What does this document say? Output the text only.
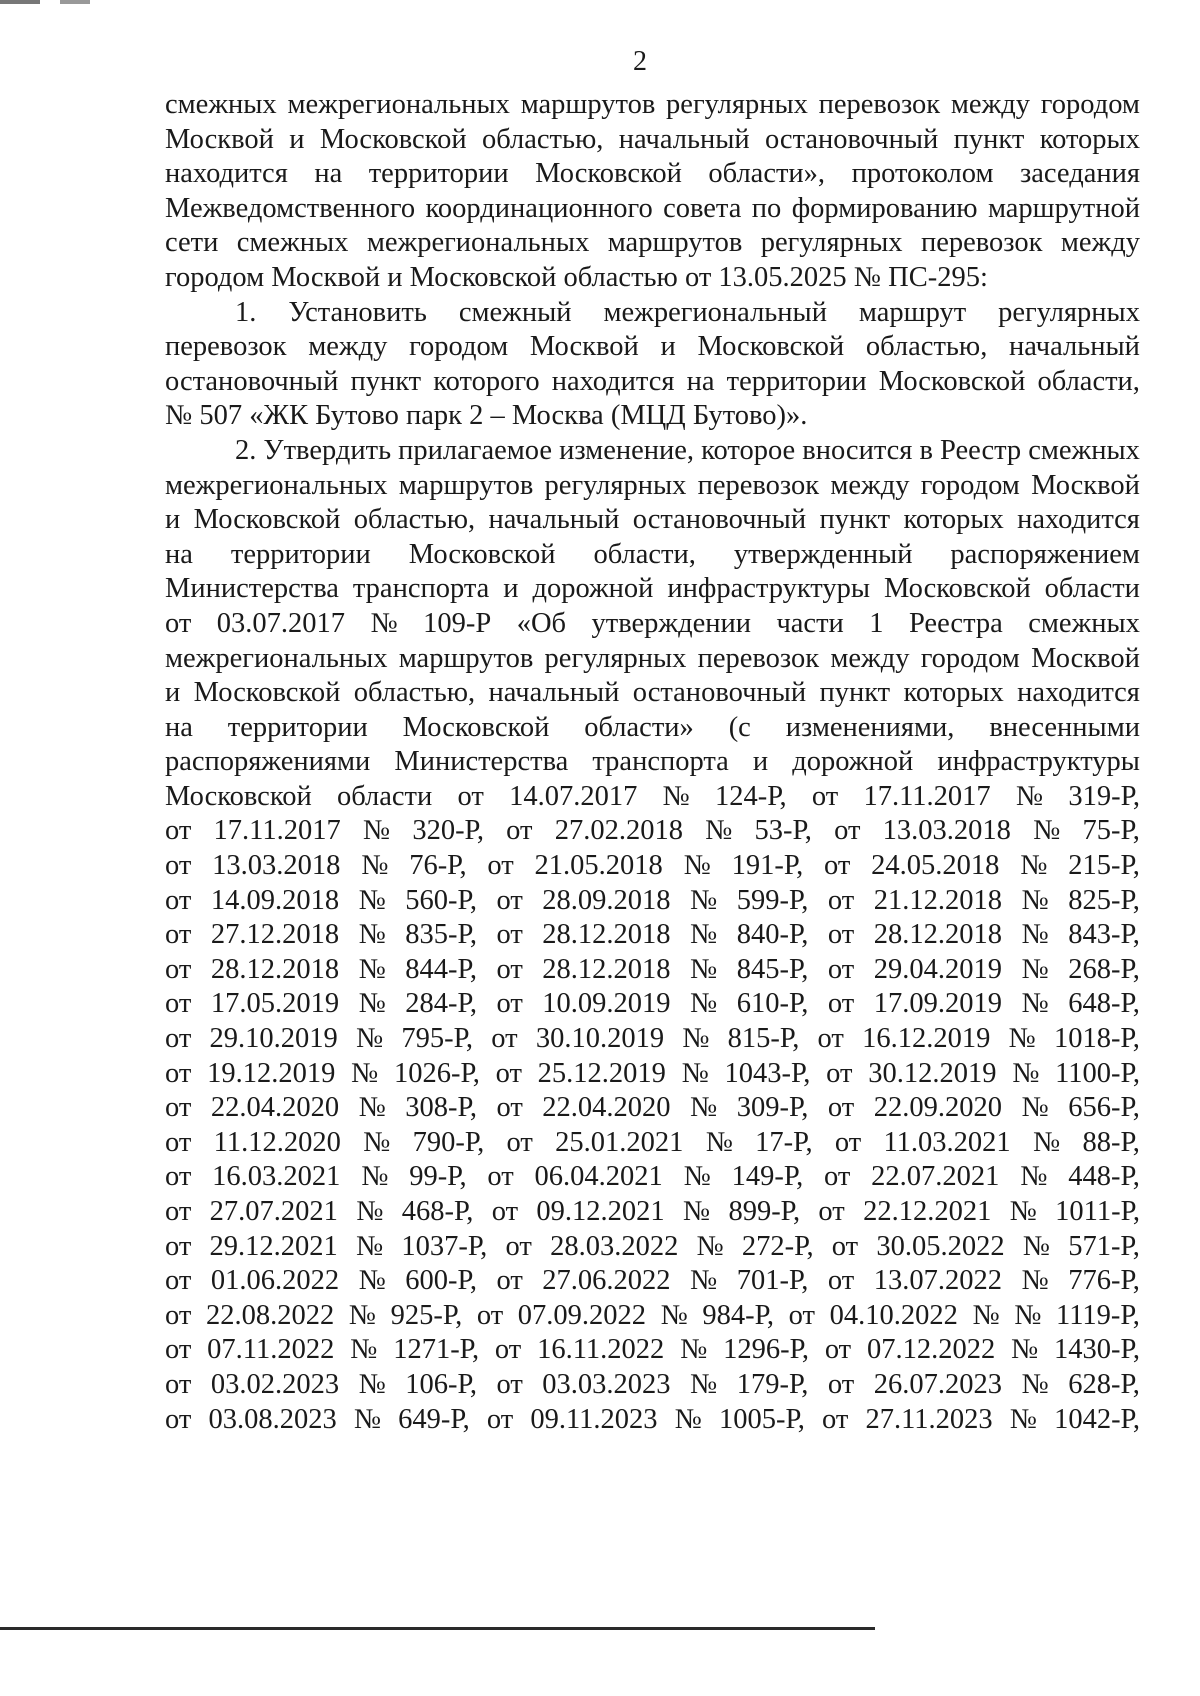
2
смежных межрегиональных маршрутов регулярных перевозок между городом
Москвой и Московской областью, начальный остановочный пункт которых
находится на территории Московской области», протоколом заседания
Межведомственного координационного совета по формированию маршрутной
сети смежных межрегиональных маршрутов регулярных перевозок между
городом Москвой и Московской областью от 13.05.2025 № ПС-295:
1. Установить смежный межрегиональный маршрут регулярных
перевозок между городом Москвой и Московской областью, начальный
остановочный пункт которого находится на территории Московской области,
№ 507 «ЖК Бутово парк 2 – Москва (МЦД Бутово)».
2. Утвердить прилагаемое изменение, которое вносится в Реестр смежных
межрегиональных маршрутов регулярных перевозок между городом Москвой
и Московской областью, начальный остановочный пункт которых находится
на территории Московской области, утвержденный распоряжением
Министерства транспорта и дорожной инфраструктуры Московской области
от 03.07.2017 № 109-Р «Об утверждении части 1 Реестра смежных
межрегиональных маршрутов регулярных перевозок между городом Москвой
и Московской областью, начальный остановочный пункт которых находится
на территории Московской области» (с изменениями, внесенными
распоряжениями Министерства транспорта и дорожной инфраструктуры
Московской области от 14.07.2017 № 124-Р, от 17.11.2017 № 319-Р,
от 17.11.2017 № 320-Р, от 27.02.2018 № 53-Р, от 13.03.2018 № 75-Р,
от 13.03.2018 № 76-Р, от 21.05.2018 № 191-Р, от 24.05.2018 № 215-Р,
от 14.09.2018 № 560-Р, от 28.09.2018 № 599-Р, от 21.12.2018 № 825-Р,
от 27.12.2018 № 835-Р, от 28.12.2018 № 840-Р, от 28.12.2018 № 843-Р,
от 28.12.2018 № 844-Р, от 28.12.2018 № 845-Р, от 29.04.2019 № 268-Р,
от 17.05.2019 № 284-Р, от 10.09.2019 № 610-Р, от 17.09.2019 № 648-Р,
от 29.10.2019 № 795-Р, от 30.10.2019 № 815-Р, от 16.12.2019 № 1018-Р,
от 19.12.2019 № 1026-Р, от 25.12.2019 № 1043-Р, от 30.12.2019 № 1100-Р,
от 22.04.2020 № 308-Р, от 22.04.2020 № 309-Р, от 22.09.2020 № 656-Р,
от 11.12.2020 № 790-Р, от 25.01.2021 № 17-Р, от 11.03.2021 № 88-Р,
от 16.03.2021 № 99-Р, от 06.04.2021 № 149-Р, от 22.07.2021 № 448-Р,
от 27.07.2021 № 468-Р, от 09.12.2021 № 899-Р, от 22.12.2021 № 1011-Р,
от 29.12.2021 № 1037-Р, от 28.03.2022 № 272-Р, от 30.05.2022 № 571-Р,
от 01.06.2022 № 600-Р, от 27.06.2022 № 701-Р, от 13.07.2022 № 776-Р,
от 22.08.2022 № 925-Р, от 07.09.2022 № 984-Р, от 04.10.2022 № № 1119-Р,
от 07.11.2022 № 1271-Р, от 16.11.2022 № 1296-Р, от 07.12.2022 № 1430-Р,
от 03.02.2023 № 106-Р, от 03.03.2023 № 179-Р, от 26.07.2023 № 628-Р,
от 03.08.2023 № 649-Р, от 09.11.2023 № 1005-Р, от 27.11.2023 № 1042-Р,
